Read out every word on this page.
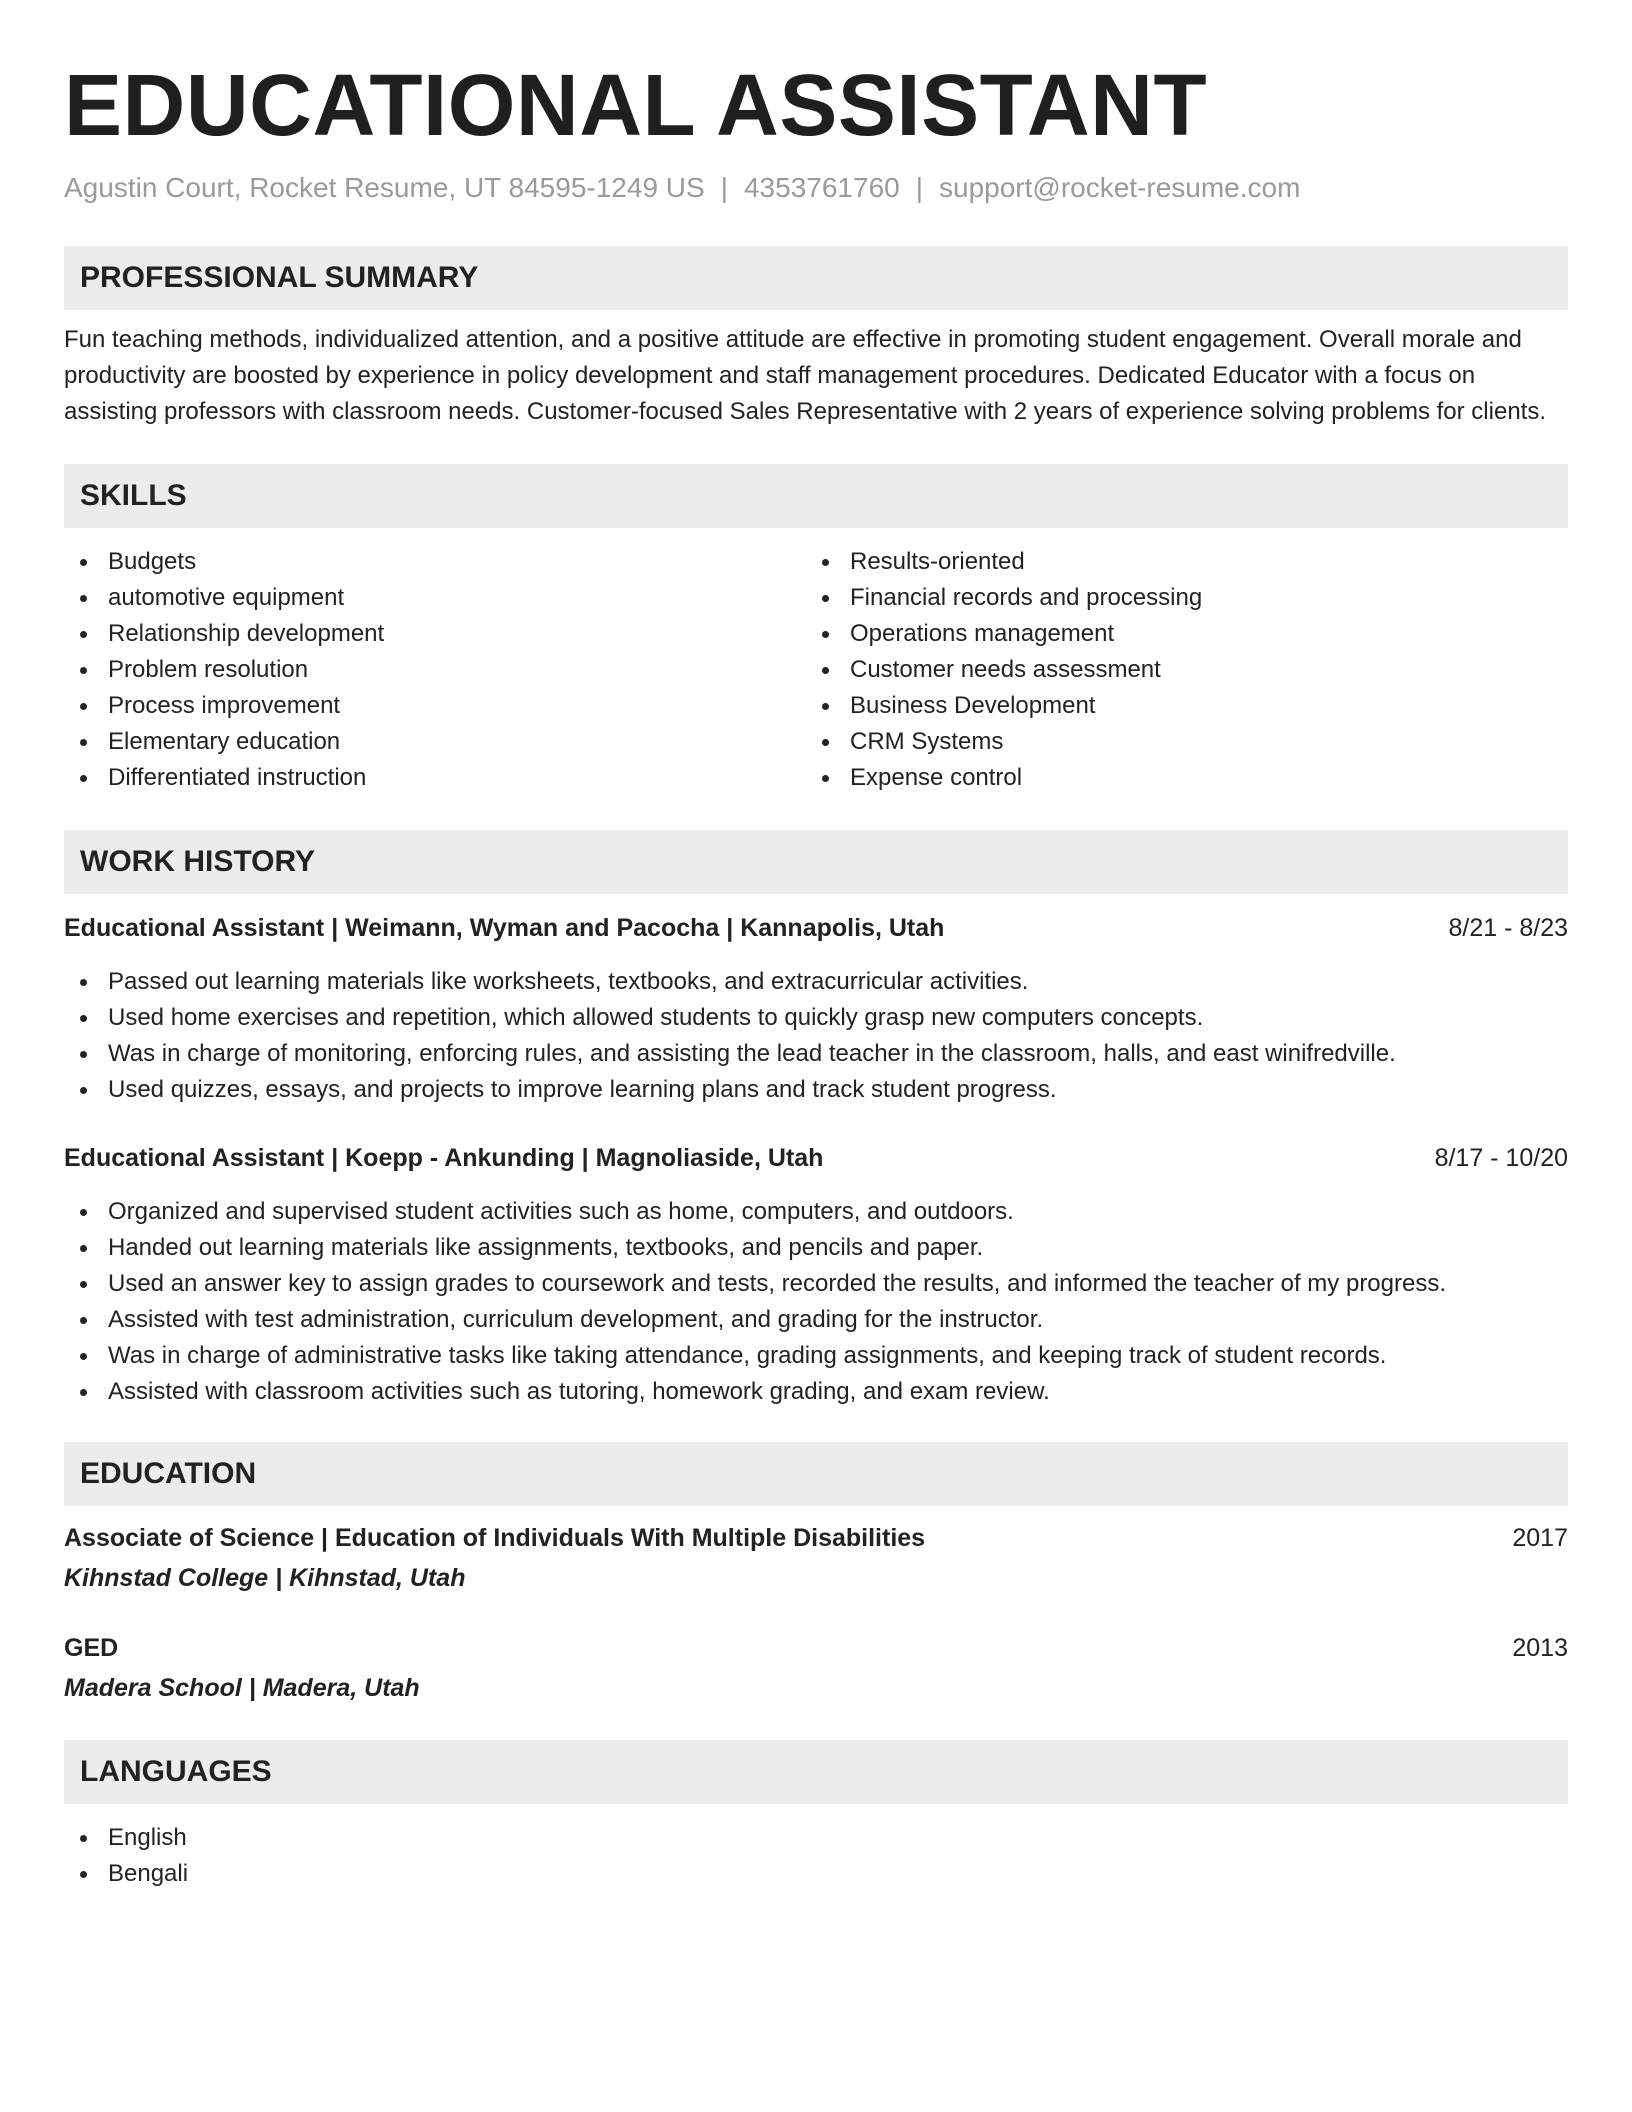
EDUCATIONAL ASSISTANT
Agustin Court, Rocket Resume, UT 84595-1249 US | 4353761760 | support@rocket-resume.com
PROFESSIONAL SUMMARY
Fun teaching methods, individualized attention, and a positive attitude are effective in promoting student engagement. Overall morale and productivity are boosted by experience in policy development and staff management procedures. Dedicated Educator with a focus on assisting professors with classroom needs. Customer-focused Sales Representative with 2 years of experience solving problems for clients.
SKILLS
Budgets
automotive equipment
Relationship development
Problem resolution
Process improvement
Elementary education
Differentiated instruction
Results-oriented
Financial records and processing
Operations management
Customer needs assessment
Business Development
CRM Systems
Expense control
WORK HISTORY
Educational Assistant | Weimann, Wyman and Pacocha | Kannapolis, Utah	8/21 - 8/23
Passed out learning materials like worksheets, textbooks, and extracurricular activities.
Used home exercises and repetition, which allowed students to quickly grasp new computers concepts.
Was in charge of monitoring, enforcing rules, and assisting the lead teacher in the classroom, halls, and east winifredville.
Used quizzes, essays, and projects to improve learning plans and track student progress.
Educational Assistant | Koepp - Ankunding | Magnoliaside, Utah	8/17 - 10/20
Organized and supervised student activities such as home, computers, and outdoors.
Handed out learning materials like assignments, textbooks, and pencils and paper.
Used an answer key to assign grades to coursework and tests, recorded the results, and informed the teacher of my progress.
Assisted with test administration, curriculum development, and grading for the instructor.
Was in charge of administrative tasks like taking attendance, grading assignments, and keeping track of student records.
Assisted with classroom activities such as tutoring, homework grading, and exam review.
EDUCATION
Associate of Science | Education of Individuals With Multiple Disabilities	2017
Kihnstad College | Kihnstad, Utah
GED	2013
Madera School | Madera, Utah
LANGUAGES
English
Bengali
